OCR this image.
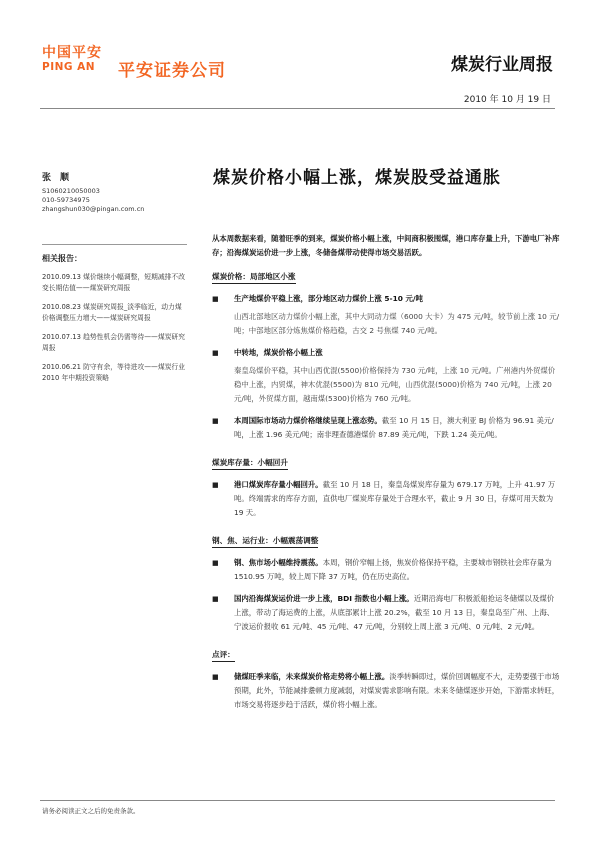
中国平安
PING AN	平安证券公司	煤炭行业周报
2010 年 10 月 19 日
张　顺
S1060210050003
010-59734975
zhangshun030@pingan.com.cn
相关报告：
2010.09.13 煤价继续小幅调整，短期减排不改变长期估值——煤炭研究周报
2010.08.23 煤炭研究周报_淡季临近，动力煤价格调整压力增大——煤炭研究周报
2010.07.13 趋势性机会仍需等待——煤炭研究周报
2010.06.21 防守有余，等待进攻——煤炭行业 2010 年中期投资策略
煤炭价格小幅上涨，煤炭股受益通胀
从本周数据来看，随着旺季的到来，煤炭价格小幅上涨，中间商积极囤煤，港口库存量上升，下游电厂补库存；沿海煤炭运价进一步上涨，冬储备煤带动使得市场交易活跃。
煤炭价格：局部地区小涨
■ 生产地煤价平稳上涨，部分地区动力煤价上涨 5-10 元/吨
山西北部地区动力煤价小幅上涨，其中大同动力煤（6000 大卡）为 475 元/吨，较节前上涨 10 元/吨；中部地区部分炼焦煤价格趋稳，古交 2 号焦煤 740 元/吨。
■ 中转地，煤炭价格小幅上涨
秦皇岛煤价平稳，其中山西优混(5500)价格保持为 730 元/吨，上涨 10 元/吨。广州港内外贸煤价稳中上涨，内贸煤，神木优混(5500)为 810 元/吨，山西优混(5000)价格为 740 元/吨，上涨 20 元/吨，外贸煤方面，越南煤(5300)价格为 760 元/吨。
■ 本周国际市场动力煤价格继续呈现上涨态势。截至 10 月 15 日，澳大利亚 BJ 价格为 96.91 美元/吨，上涨 1.96 美元/吨；南非理查德港煤价 87.89 美元/吨，下跌 1.24 美元/吨。
煤炭库存量：小幅回升
■ 港口煤炭库存量小幅回升。截至 10 月 18 日，秦皇岛煤炭库存量为 679.17 万吨，上升 41.97 万吨。终端需求的库存方面，直供电厂煤炭库存量处于合理水平，截止 9 月 30 日，存煤可用天数为 19 天。
钢、焦、运行业：小幅震荡调整
■ 钢、焦市场小幅维持震荡。本周，钢价窄幅上扬，焦炭价格保持平稳，主要城市钢铁社会库存量为 1510.95 万吨，较上周下降 37 万吨，仍在历史高位。
■ 国内沿海煤炭运价进一步上涨，BDI 指数也小幅上涨。近期沿海电厂积极派船抢运冬储煤以及煤价上涨，带动了海运费的上涨，从底部累计上涨 20.2%，截至 10 月 13 日，秦皇岛至广州、上海、宁波运价报收 61 元/吨、45 元/吨、47 元/吨，分别较上周上涨 3 元/吨、0 元/吨、2 元/吨。
点评：
■ 储煤旺季来临，未来煤炭价格走势将小幅上涨。淡季转瞬即过，煤价回调幅度不大，走势要强于市场预期，此外，节能减排耋顿力度减弱，对煤炭需求影响有限。未来冬储煤逐步开始，下游需求转旺，市场交易将逐步趋于活跃，煤价将小幅上涨。
请务必阅读正文之后的免责条款。
